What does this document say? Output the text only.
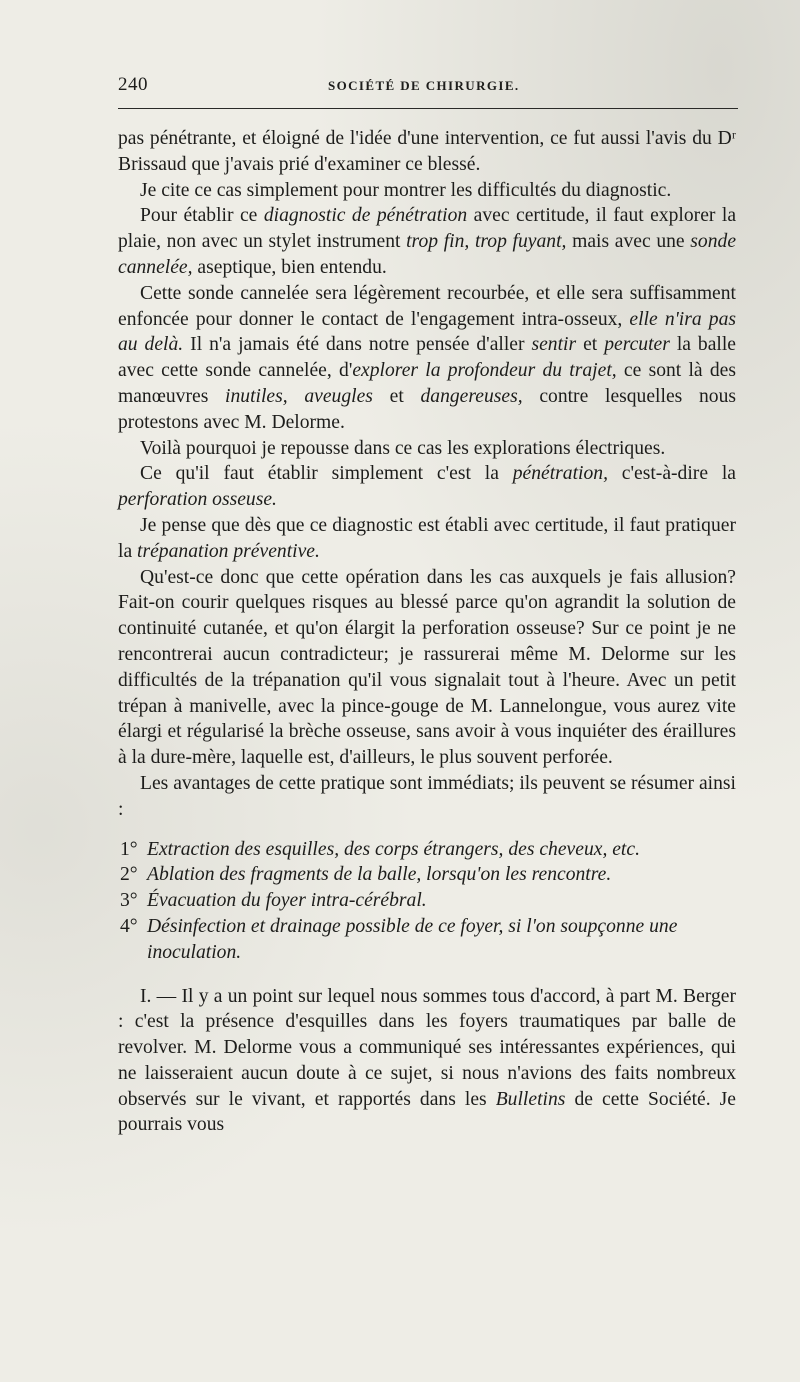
240	SOCIÉTÉ DE CHIRURGIE.

pas pénétrante, et éloigné de l'idée d'une intervention, ce fut aussi l'avis du Dʳ Brissaud que j'avais prié d'examiner ce blessé.

Je cite ce cas simplement pour montrer les difficultés du diagnostic.

Pour établir ce diagnostic de pénétration avec certitude, il faut explorer la plaie, non avec un stylet instrument trop fin, trop fuyant, mais avec une sonde cannelée, aseptique, bien entendu.

Cette sonde cannelée sera légèrement recourbée, et elle sera suffisamment enfoncée pour donner le contact de l'engagement intra-osseux, elle n'ira pas au delà. Il n'a jamais été dans notre pensée d'aller sentir et percuter la balle avec cette sonde cannelée, d'explorer la profondeur du trajet, ce sont là des manœuvres inutiles, aveugles et dangereuses, contre lesquelles nous protestons avec M. Delorme.

Voilà pourquoi je repousse dans ce cas les explorations électriques.

Ce qu'il faut établir simplement c'est la pénétration, c'est-à-dire la perforation osseuse.

Je pense que dès que ce diagnostic est établi avec certitude, il faut pratiquer la trépanation préventive.

Qu'est-ce donc que cette opération dans les cas auxquels je fais allusion? Fait-on courir quelques risques au blessé parce qu'on agrandit la solution de continuité cutanée, et qu'on élargit la perforation osseuse? Sur ce point je ne rencontrerai aucun contradicteur; je rassurerai même M. Delorme sur les difficultés de la trépanation qu'il vous signalait tout à l'heure. Avec un petit trépan à manivelle, avec la pince-gouge de M. Lannelongue, vous aurez vite élargi et régularisé la brèche osseuse, sans avoir à vous inquiéter des éraillures à la dure-mère, laquelle est, d'ailleurs, le plus souvent perforée.

Les avantages de cette pratique sont immédiats; ils peuvent se résumer ainsi :

1° Extraction des esquilles, des corps étrangers, des cheveux, etc.
2° Ablation des fragments de la balle, lorsqu'on les rencontre.
3° Évacuation du foyer intra-cérébral.
4° Désinfection et drainage possible de ce foyer, si l'on soupçonne une inoculation.

I. — Il y a un point sur lequel nous sommes tous d'accord, à part M. Berger : c'est la présence d'esquilles dans les foyers traumatiques par balle de revolver. M. Delorme vous a communiqué ses intéressantes expériences, qui ne laisseraient aucun doute à ce sujet, si nous n'avions des faits nombreux observés sur le vivant, et rapportés dans les Bulletins de cette Société. Je pourrais vous
